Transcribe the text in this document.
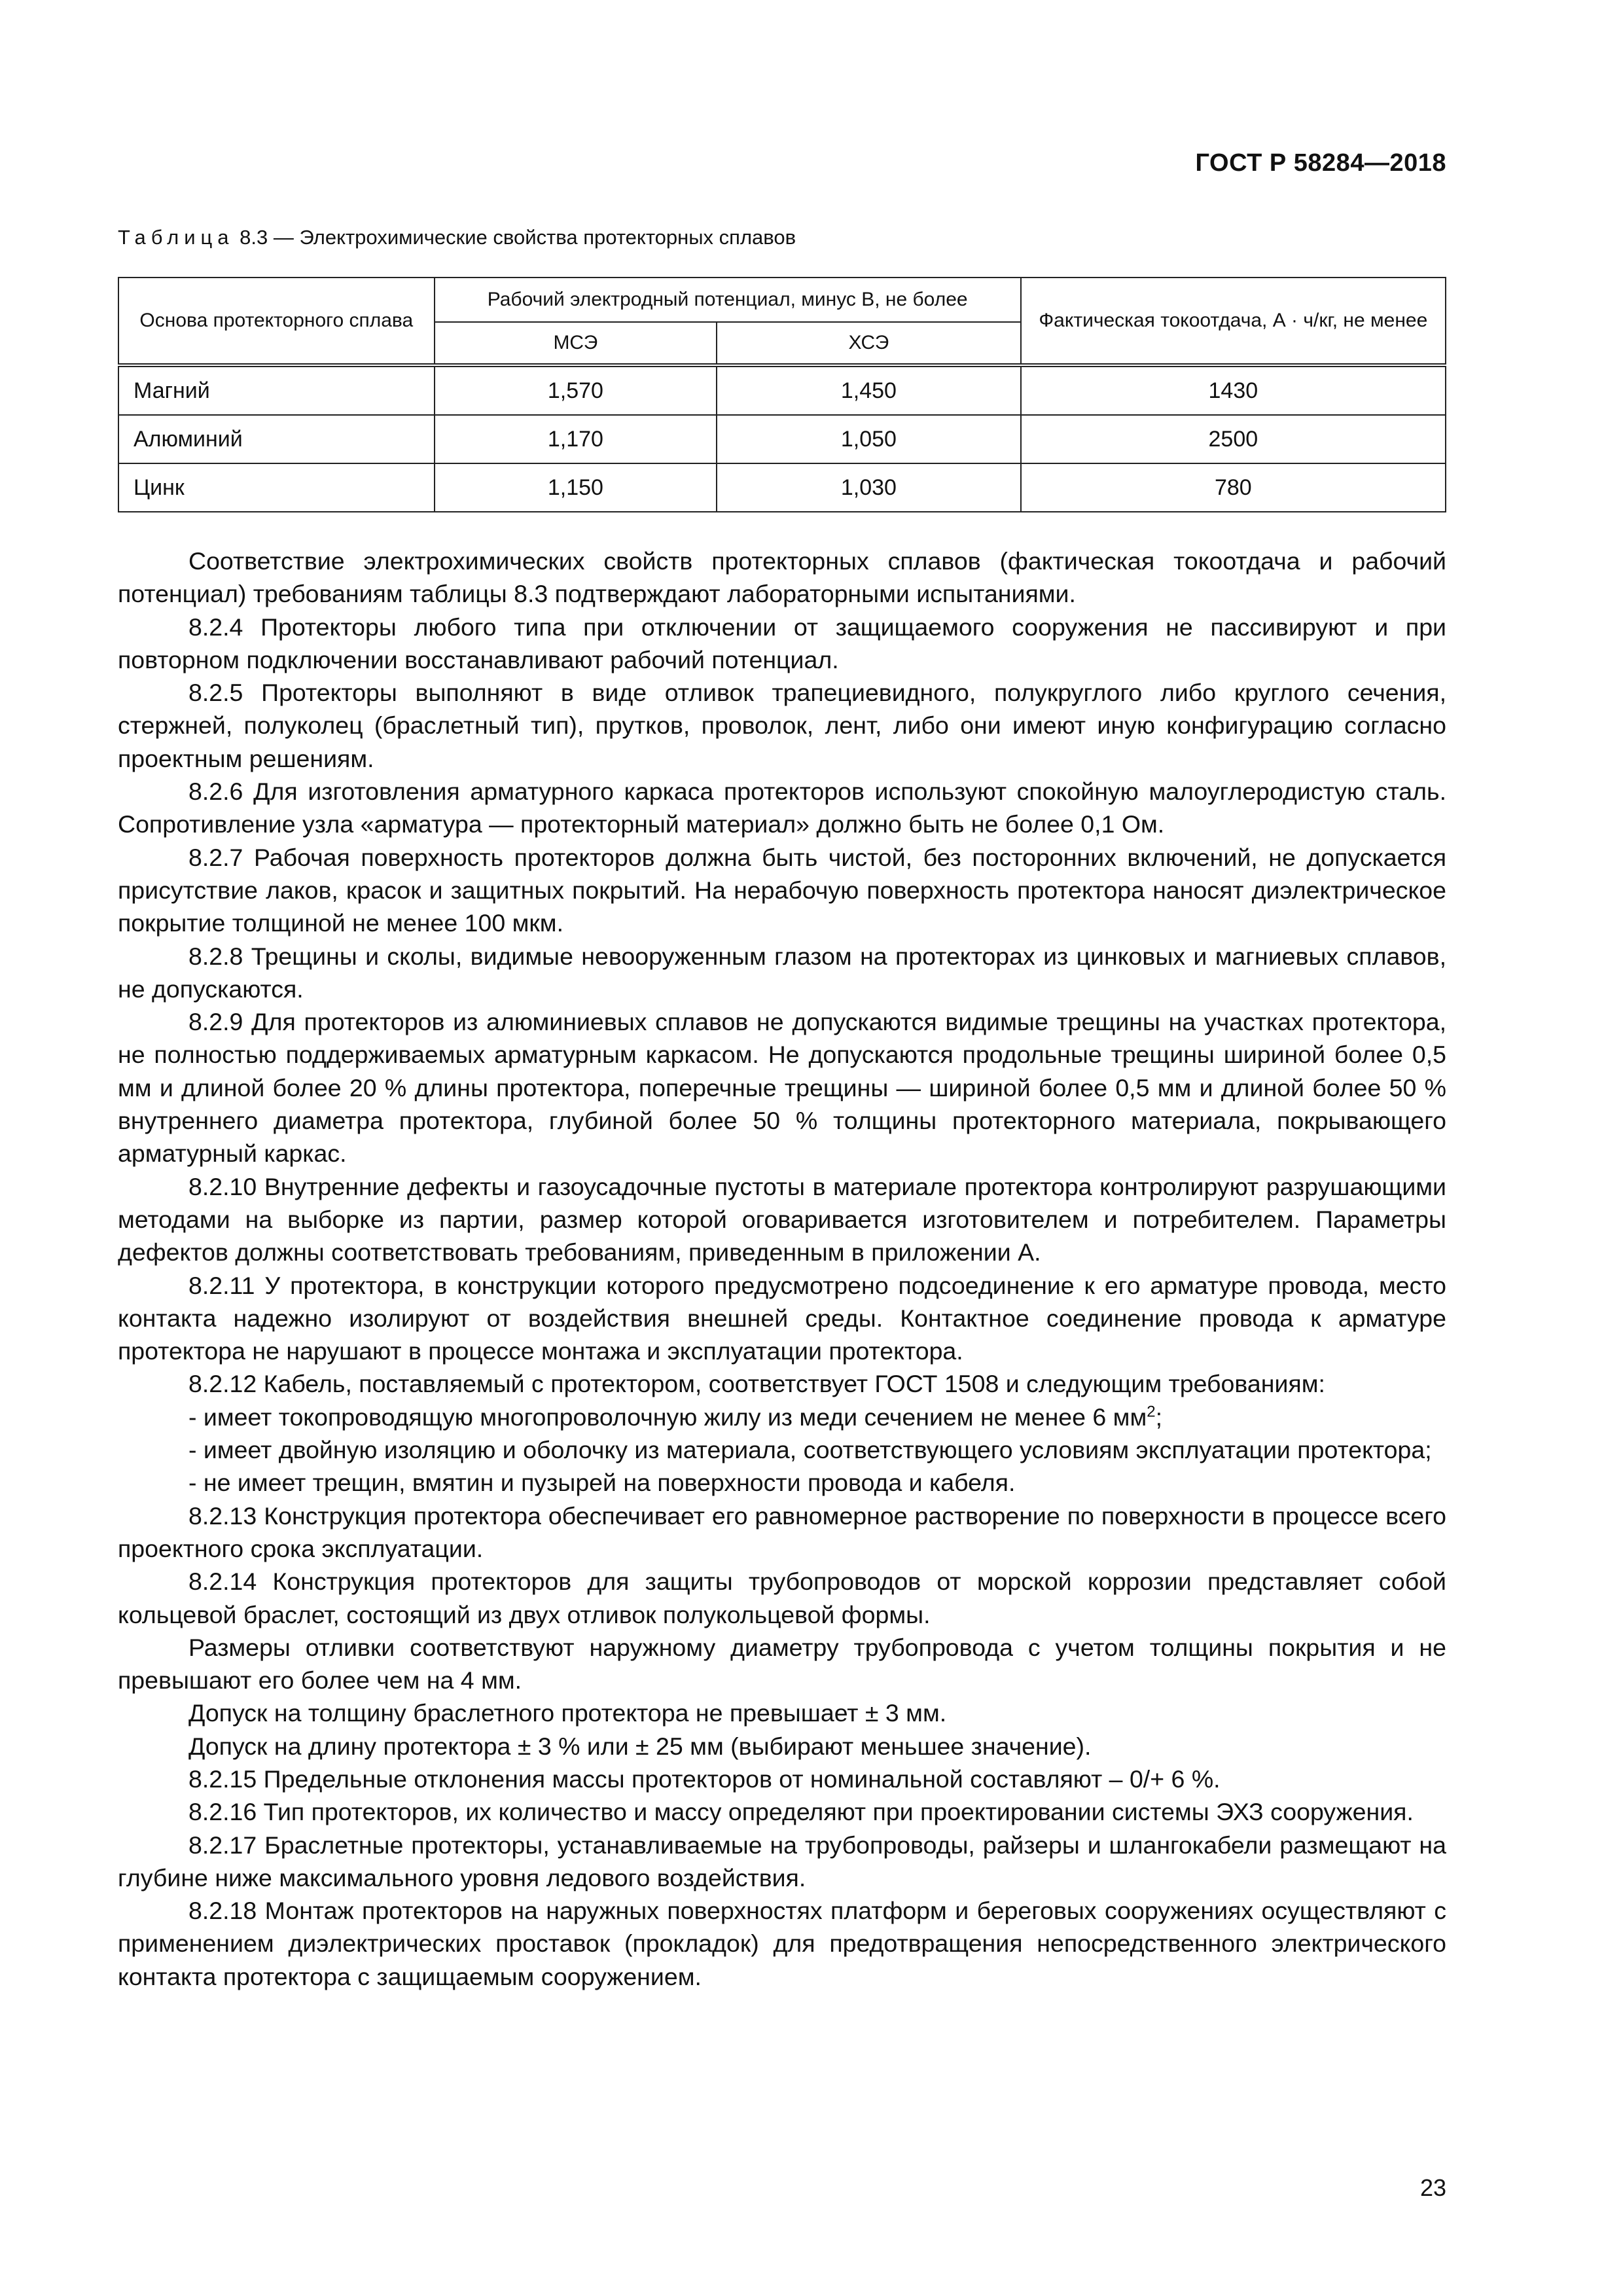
ГОСТ Р 58284—2018
Таблица 8.3 — Электрохимические свойства протекторных сплавов
Основа протекторного сплава	Рабочий электродный потенциал, минус В, не более		Фактическая токоотдача, А · ч/кг, не менее
	МСЭ	ХСЭ	
Магний	1,570	1,450	1430
Алюминий	1,170	1,050	2500
Цинк	1,150	1,030	780

Соответствие электрохимических свойств протекторных сплавов (фактическая токоотдача и рабочий потенциал) требованиям таблицы 8.3 подтверждают лабораторными испытаниями.

8.2.4 Протекторы любого типа при отключении от защищаемого сооружения не пассивируют и при повторном подключении восстанавливают рабочий потенциал.

8.2.5 Протекторы выполняют в виде отливок трапециевидного, полукруглого либо круглого сечения, стержней, полуколец (браслетный тип), прутков, проволок, лент, либо они имеют иную конфигурацию согласно проектным решениям.

8.2.6 Для изготовления арматурного каркаса протекторов используют спокойную малоуглеродистую сталь. Сопротивление узла «арматура — протекторный материал» должно быть не более 0,1 Ом.

8.2.7 Рабочая поверхность протекторов должна быть чистой, без посторонних включений, не допускается присутствие лаков, красок и защитных покрытий. На нерабочую поверхность протектора наносят диэлектрическое покрытие толщиной не менее 100 мкм.

8.2.8 Трещины и сколы, видимые невооруженным глазом на протекторах из цинковых и магниевых сплавов, не допускаются.

8.2.9 Для протекторов из алюминиевых сплавов не допускаются видимые трещины на участках протектора, не полностью поддерживаемых арматурным каркасом. Не допускаются продольные трещины шириной более 0,5 мм и длиной более 20 % длины протектора, поперечные трещины — шириной более 0,5 мм и длиной более 50 % внутреннего диаметра протектора, глубиной более 50 % толщины протекторного материала, покрывающего арматурный каркас.

8.2.10 Внутренние дефекты и газоусадочные пустоты в материале протектора контролируют разрушающими методами на выборке из партии, размер которой оговаривается изготовителем и потребителем. Параметры дефектов должны соответствовать требованиям, приведенным в приложении А.

8.2.11 У протектора, в конструкции которого предусмотрено подсоединение к его арматуре провода, место контакта надежно изолируют от воздействия внешней среды. Контактное соединение провода к арматуре протектора не нарушают в процессе монтажа и эксплуатации протектора.

8.2.12 Кабель, поставляемый с протектором, соответствует ГОСТ 1508 и следующим требованиям:

- имеет токопроводящую многопроволочную жилу из меди сечением не менее 6 $мм^2$;

- имеет двойную изоляцию и оболочку из материала, соответствующего условиям эксплуатации протектора;

- не имеет трещин, вмятин и пузырей на поверхности провода и кабеля.

8.2.13 Конструкция протектора обеспечивает его равномерное растворение по поверхности в процессе всего проектного срока эксплуатации.

8.2.14 Конструкция протекторов для защиты трубопроводов от морской коррозии представляет собой кольцевой браслет, состоящий из двух отливок полукольцевой формы.

Размеры отливки соответствуют наружному диаметру трубопровода с учетом толщины покрытия и не превышают его более чем на 4 мм.

Допуск на толщину браслетного протектора не превышает ± 3 мм.

Допуск на длину протектора ± 3 % или ± 25 мм (выбирают меньшее значение).

8.2.15 Предельные отклонения массы протекторов от номинальной составляют – 0/+ 6 %.

8.2.16 Тип протекторов, их количество и массу определяют при проектировании системы ЭХЗ сооружения.

8.2.17 Браслетные протекторы, устанавливаемые на трубопроводы, райзеры и шлангокабели размещают на глубине ниже максимального уровня ледового воздействия.

8.2.18 Монтаж протекторов на наружных поверхностях платформ и береговых сооружениях осуществляют с применением диэлектрических проставок (прокладок) для предотвращения непосредственного электрического контакта протектора с защищаемым сооружением.

23
